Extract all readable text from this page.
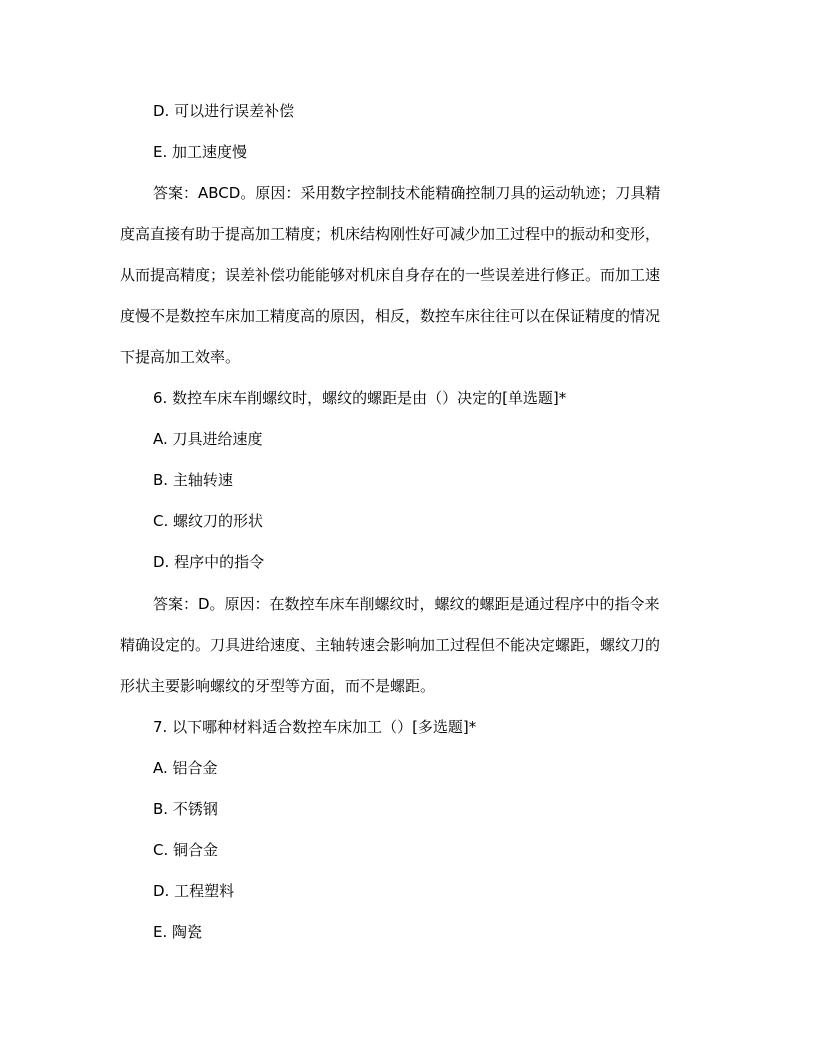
D. 可以进行误差补偿
E. 加工速度慢
答案：ABCD。原因：采用数字控制技术能精确控制刀具的运动轨迹；刀具精
度高直接有助于提高加工精度；机床结构刚性好可减少加工过程中的振动和变形，
从而提高精度；误差补偿功能能够对机床自身存在的一些误差进行修正。而加工速
度慢不是数控车床加工精度高的原因，相反，数控车床往往可以在保证精度的情况
下提高加工效率。
6. 数控车床车削螺纹时，螺纹的螺距是由（）决定的[单选题]*
A. 刀具进给速度
B. 主轴转速
C. 螺纹刀的形状
D. 程序中的指令
答案：D。原因：在数控车床车削螺纹时，螺纹的螺距是通过程序中的指令来
精确设定的。刀具进给速度、主轴转速会影响加工过程但不能决定螺距，螺纹刀的
形状主要影响螺纹的牙型等方面，而不是螺距。
7. 以下哪种材料适合数控车床加工（）[多选题]*
A. 铝合金
B. 不锈钢
C. 铜合金
D. 工程塑料
E. 陶瓷
